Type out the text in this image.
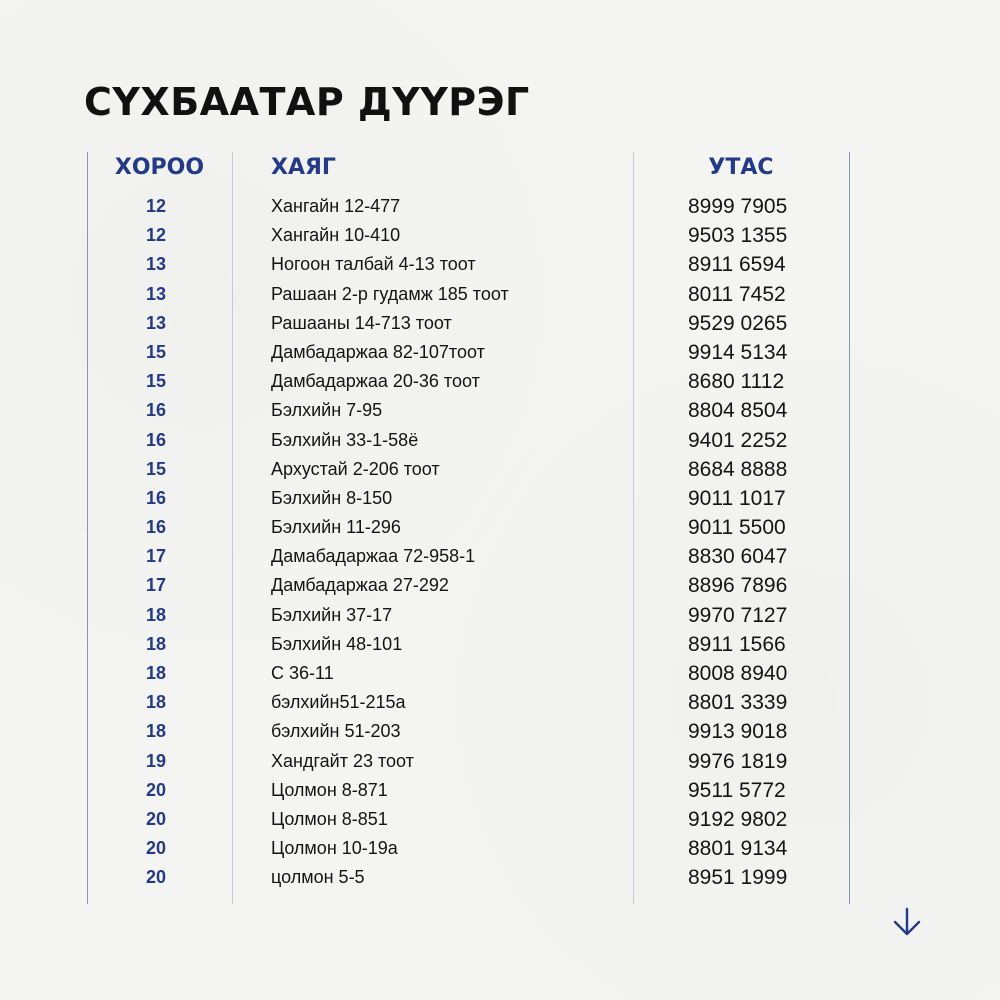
СҮХБААТАР ДҮҮРЭГ
ХОРОО	ХАЯГ	УТАС
12	Хангайн 12-477	8999 7905
12	Хангайн 10-410	9503 1355
13	Ногоон талбай 4-13 тоот	8911 6594
13	Рашаан 2-р гудамж 185 тоот	8011 7452
13	Рашааны 14-713 тоот	9529 0265
15	Дамбадаржаа 82-107тоот	9914 5134
15	Дамбадаржаа 20-36 тоот	8680 1112
16	Бэлхийн 7-95	8804 8504
16	Бэлхийн 33-1-58ё	9401 2252
15	Архустай 2-206 тоот	8684 8888
16	Бэлхийн 8-150	9011 1017
16	Бэлхийн 11-296	9011 5500
17	Дамабадаржаа 72-958-1	8830 6047
17	Дамбадаржаа 27-292	8896 7896
18	Бэлхийн 37-17	9970 7127
18	Бэлхийн 48-101	8911 1566
18	С 36-11	8008 8940
18	бэлхийн51-215а	8801 3339
18	бэлхийн 51-203	9913 9018
19	Хандгайт 23 тоот	9976 1819
20	Цолмон 8-871	9511 5772
20	Цолмон 8-851	9192 9802
20	Цолмон 10-19а	8801 9134
20	цолмон 5-5	8951 1999
